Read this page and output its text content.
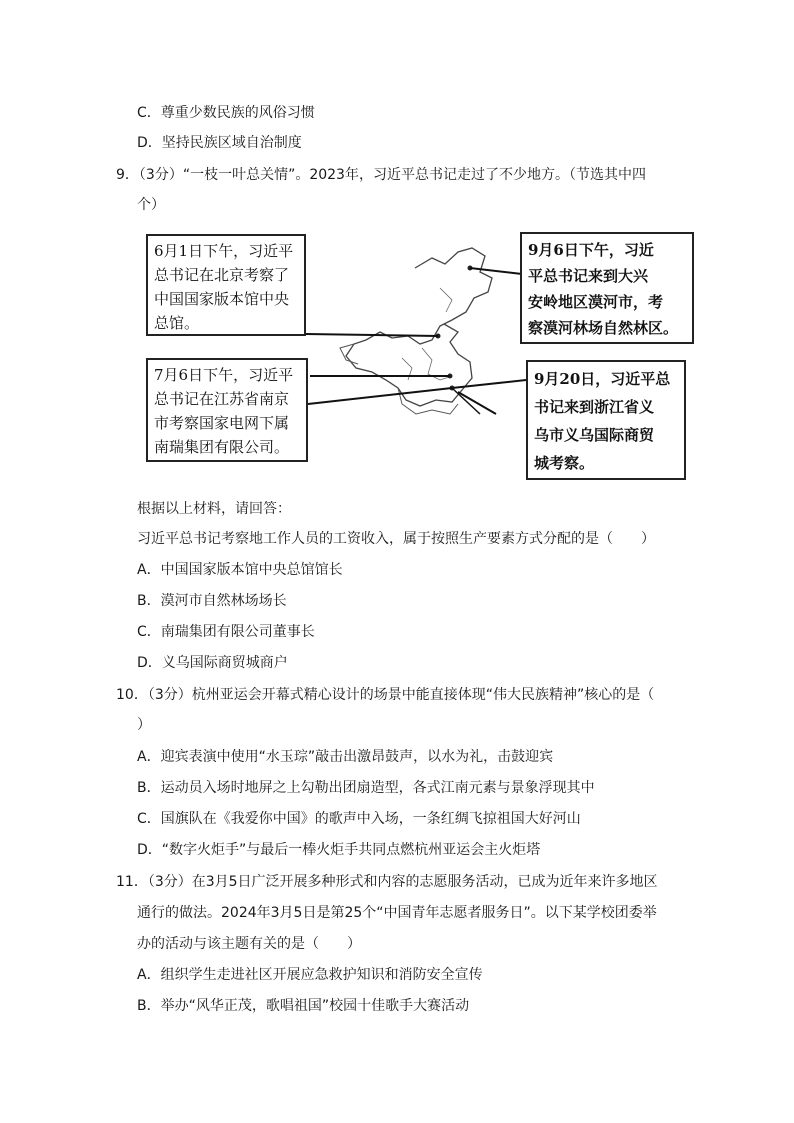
C．尊重少数民族的风俗习惯
D．坚持民族区域自治制度
9．（3分）“一枝一叶总关情”。2023年，习近平总书记走过了不少地方。（节选其中四
个）
6月1日下午，习近平
总书记在北京考察了
中国国家版本馆中央
总馆。
7月6日下午，习近平
总书记在江苏省南京
市考察国家电网下属
南瑞集团有限公司。
9月6日下午，习近
平总书记来到大兴
安岭地区漠河市，考
察漠河林场自然林区。
9月20日，习近平总
书记来到浙江省义
乌市义乌国际商贸
城考察。
根据以上材料，请回答：
习近平总书记考察地工作人员的工资收入，属于按照生产要素方式分配的是（　　）
A．中国国家版本馆中央总馆馆长
B．漠河市自然林场场长
C．南瑞集团有限公司董事长
D．义乌国际商贸城商户
10．（3分）杭州亚运会开幕式精心设计的场景中能直接体现“伟大民族精神”核心的是（
）
A．迎宾表演中使用“水玉琮”敲击出激昂鼓声，以水为礼，击鼓迎宾
B．运动员入场时地屏之上勾勒出团扇造型，各式江南元素与景象浮现其中
C．国旗队在《我爱你中国》的歌声中入场，一条红绸飞掠祖国大好河山
D．“数字火炬手”与最后一棒火炬手共同点燃杭州亚运会主火炬塔
11．（3分）在3月5日广泛开展多种形式和内容的志愿服务活动，已成为近年来许多地区
通行的做法。2024年3月5日是第25个“中国青年志愿者服务日”。以下某学校团委举
办的活动与该主题有关的是（　　）
A．组织学生走进社区开展应急救护知识和消防安全宣传
B．举办“风华正茂，歌唱祖国”校园十佳歌手大赛活动
